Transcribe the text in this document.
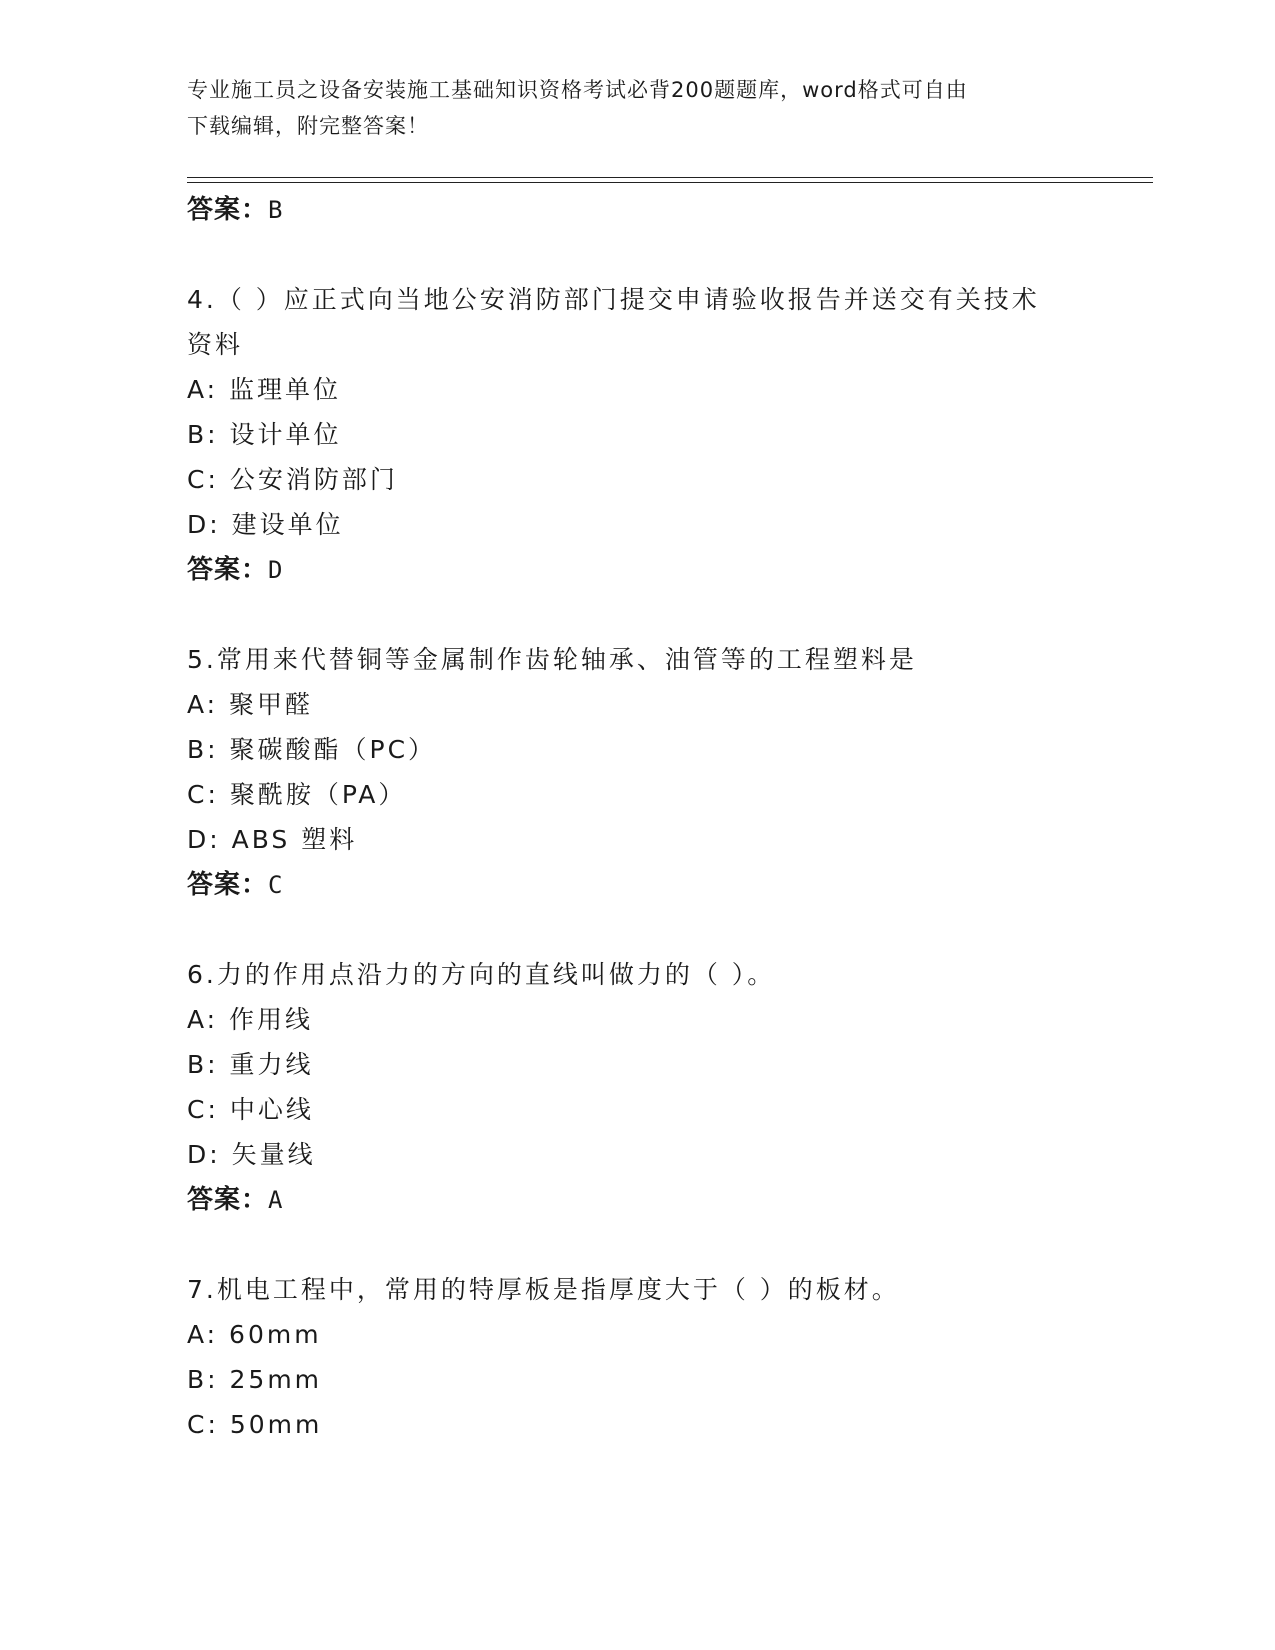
专业施工员之设备安装施工基础知识资格考试必背200题题库，word格式可自由
下载编辑，附完整答案！
答案：B
4.（ ）应正式向当地公安消防部门提交申请验收报告并送交有关技术
资料
A: 监理单位
B: 设计单位
C: 公安消防部门
D: 建设单位
答案：D
5.常用来代替铜等金属制作齿轮轴承、油管等的工程塑料是
A: 聚甲醛
B: 聚碳酸酯（PC）
C: 聚酰胺（PA）
D: ABS 塑料
答案：C
6.力的作用点沿力的方向的直线叫做力的（ ）。
A: 作用线
B: 重力线
C: 中心线
D: 矢量线
答案：A
7.机电工程中，常用的特厚板是指厚度大于（ ）的板材。
A: 60mm
B: 25mm
C: 50mm
